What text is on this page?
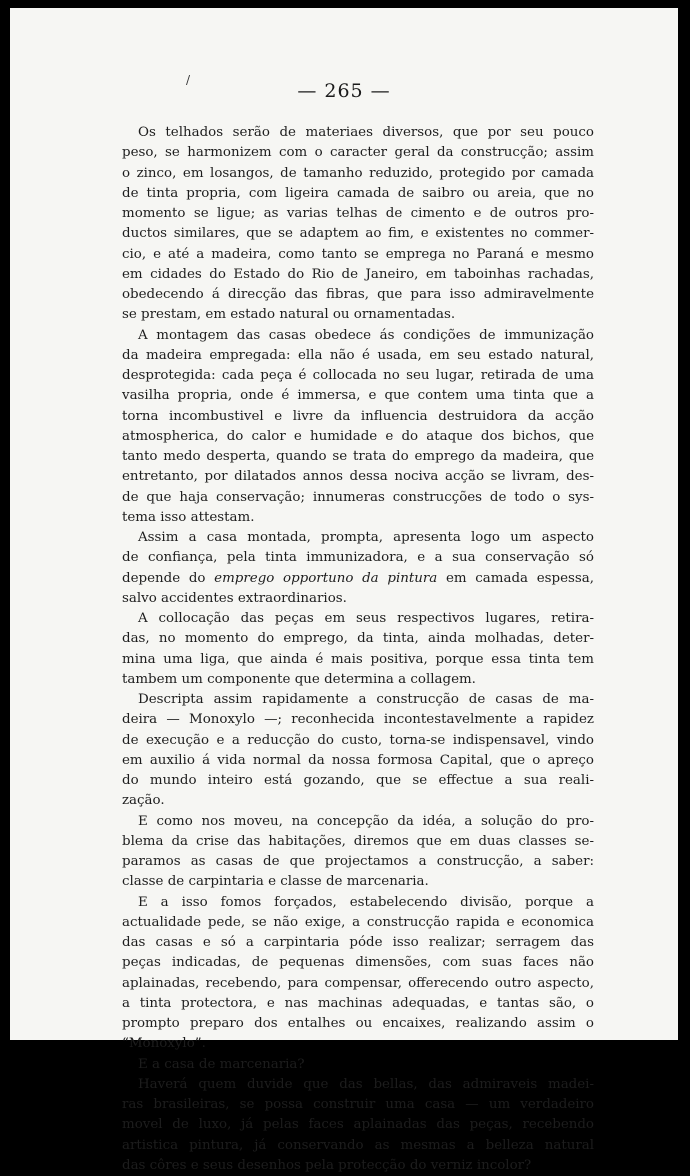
/	— 265 —
Os telhados serão de materiaes diversos, que por seu pouco
peso, se harmonizem com o caracter geral da construcção; assim
o zinco, em losangos, de tamanho reduzido, protegido por camada
de tinta propria, com ligeira camada de saibro ou areia, que no
momento se ligue; as varias telhas de cimento e de outros pro-
ductos similares, que se adaptem ao fim, e existentes no commer-
cio, e até a madeira, como tanto se emprega no Paraná e mesmo
em cidades do Estado do Rio de Janeiro, em taboinhas rachadas,
obedecendo á direcção das fibras, que para isso admiravelmente
se prestam, em estado natural ou ornamentadas.
A montagem das casas obedece ás condições de immunização
da madeira empregada: ella não é usada, em seu estado natural,
desprotegida: cada peça é collocada no seu lugar, retirada de uma
vasilha propria, onde é immersa, e que contem uma tinta que a
torna incombustivel e livre da influencia destruidora da acção
atmospherica, do calor e humidade e do ataque dos bichos, que
tanto medo desperta, quando se trata do emprego da madeira, que
entretanto, por dilatados annos dessa nociva acção se livram, des-
de que haja conservação; innumeras construcções de todo o sys-
tema isso attestam.
Assim a casa montada, prompta, apresenta logo um aspecto
de confiança, pela tinta immunizadora, e a sua conservação só
depende do emprego opportuno da pintura em camada espessa,
salvo accidentes extraordinarios.
A collocação das peças em seus respectivos lugares, retira-
das, no momento do emprego, da tinta, ainda molhadas, deter-
mina uma liga, que ainda é mais positiva, porque essa tinta tem
tambem um componente que determina a collagem.
Descripta assim rapidamente a construcção de casas de ma-
deira — Monoxylo —; reconhecida incontestavelmente a rapidez
de execução e a reducção do custo, torna-se indispensavel, vindo
em auxilio á vida normal da nossa formosa Capital, que o apreço
do mundo inteiro está gozando, que se effectue a sua reali-
zação.
E como nos moveu, na concepção da idéa, a solução do pro-
blema da crise das habitações, diremos que em duas classes se-
paramos as casas de que projectamos a construcção, a saber:
classe de carpintaria e classe de marcenaria.
E a isso fomos forçados, estabelecendo divisão, porque a
actualidade pede, se não exige, a construcção rapida e economica
das casas e só a carpintaria póde isso realizar; serragem das
peças indicadas, de pequenas dimensões, com suas faces não
aplainadas, recebendo, para compensar, offerecendo outro aspecto,
a tinta protectora, e nas machinas adequadas, e tantas são, o
prompto preparo dos entalhes ou encaixes, realizando assim o
“Monoxylo”.
E a casa de marcenaria?
Haverá quem duvide que das bellas, das admiraveis madei-
ras brasileiras, se possa construir uma casa — um verdadeiro
movel de luxo, já pelas faces aplainadas das peças, recebendo
artistica pintura, já conservando as mesmas a belleza natural
das côres e seus desenhos pela protecção do verniz incolor?
